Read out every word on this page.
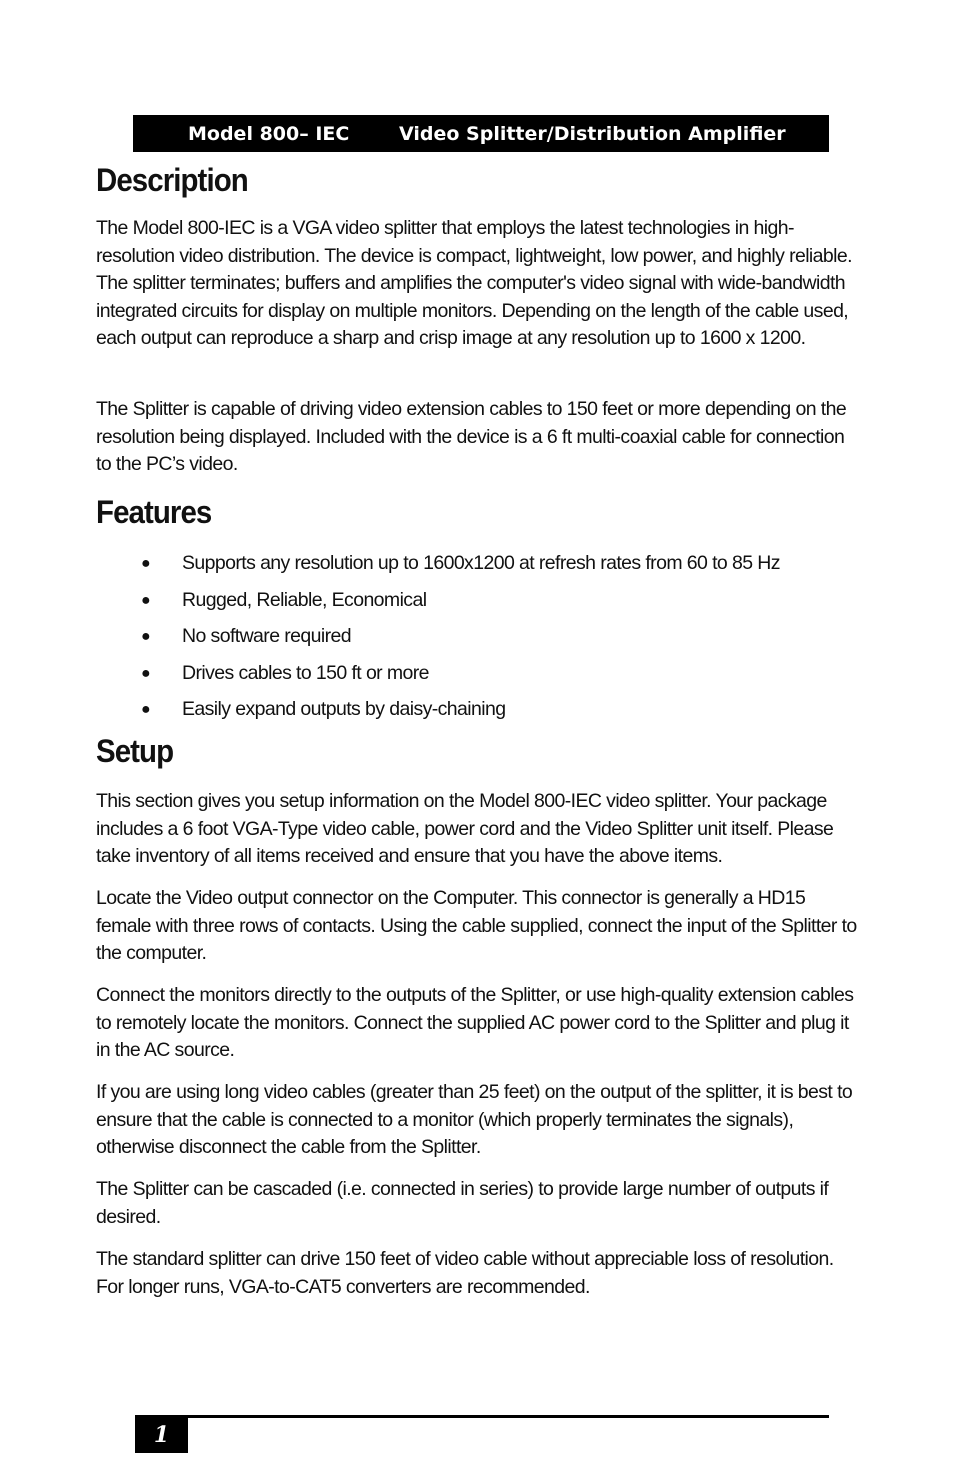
Model 800– IEC	Video Splitter/Distribution Amplifier
Description

The Model 800-IEC is a VGA video splitter that employs the latest technologies in high-resolution video distribution. The device is compact, lightweight, low power, and highly reliable. The splitter terminates; buffers and amplifies the computer's video signal with wide-bandwidth integrated circuits for display on multiple monitors. Depending on the length of the cable used, each output can reproduce a sharp and crisp image at any resolution up to 1600 x 1200.

The Splitter is capable of driving video extension cables to 150 feet or more depending on the resolution being displayed. Included with the device is a 6 ft multi-coaxial cable for connection to the PC’s video.

Features
● Supports any resolution up to 1600x1200 at refresh rates from 60 to 85 Hz
● Rugged, Reliable, Economical
● No software required
● Drives cables to 150 ft or more
● Easily expand outputs by daisy-chaining
Setup

This section gives you setup information on the Model 800-IEC video splitter. Your package includes a 6 foot VGA-Type video cable, power cord and the Video Splitter unit itself. Please take inventory of all items received and ensure that you have the above items.

Locate the Video output connector on the Computer. This connector is generally a HD15 female with three rows of contacts. Using the cable supplied, connect the input of the Splitter to the computer.

Connect the monitors directly to the outputs of the Splitter, or use high-quality extension cables to remotely locate the monitors. Connect the supplied AC power cord to the Splitter and plug it in the AC source.

If you are using long video cables (greater than 25 feet) on the output of the splitter, it is best to ensure that the cable is connected to a monitor (which properly terminates the signals), otherwise disconnect the cable from the Splitter.

The Splitter can be cascaded (i.e. connected in series) to provide large number of outputs if desired.

The standard splitter can drive 150 feet of video cable without appreciable loss of resolution. For longer runs, VGA-to-CAT5 converters are recommended.

1
